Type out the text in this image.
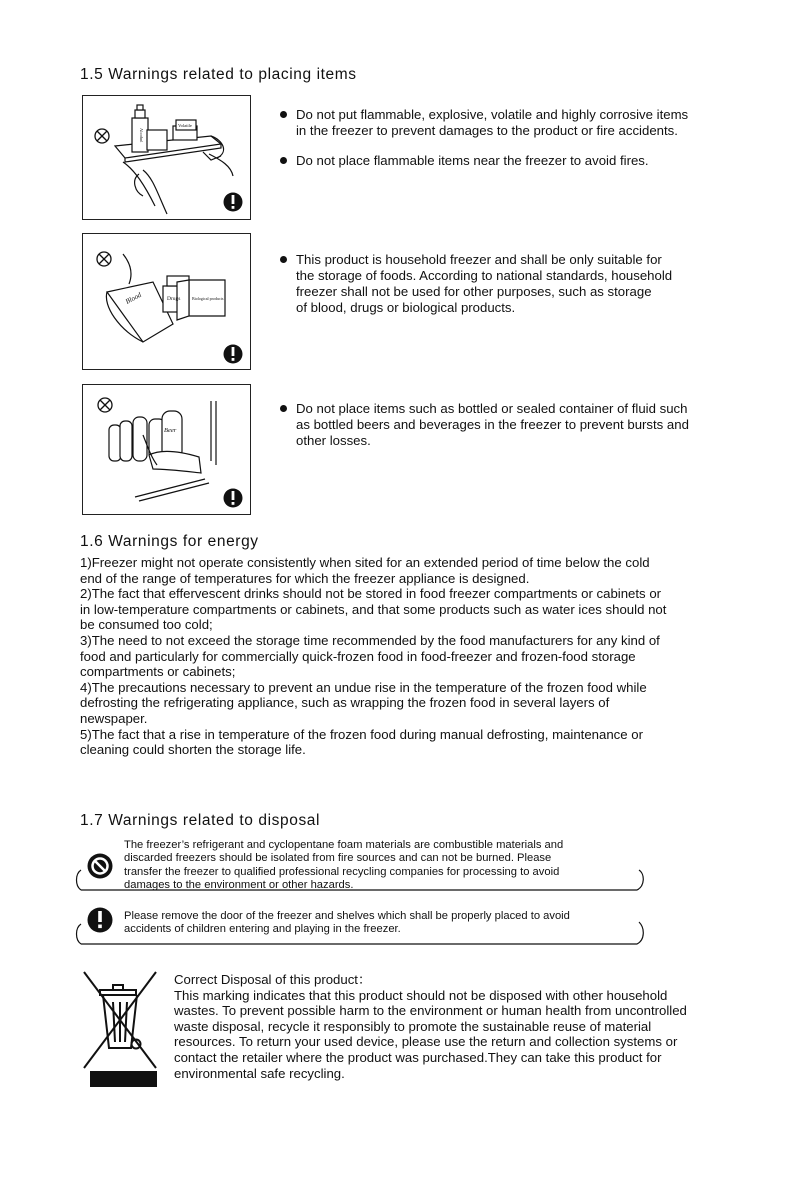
1.5 Warnings related to placing items
Alcohol
Volatile
Do not put flammable, explosive, volatile and highly corrosive items
in the freezer to prevent damages to the product or fire accidents.
Do not place flammable items near the freezer to avoid fires.
Blood	Drugs	Biological products
This product is household freezer and shall be only suitable for
the storage of foods. According to national standards, household
freezer shall not be used for other purposes, such as storage
of blood, drugs or biological products.
Beer
Do not place items such as bottled or sealed container of fluid such
as bottled beers and beverages in the freezer to prevent bursts and
other losses.
1.6 Warnings for energy
1)Freezer might not operate consistently when sited for an extended period of time below the cold
end of the range of temperatures for which the freezer appliance is designed.
2)The fact that effervescent drinks should not be stored in food freezer compartments or cabinets or
in low-temperature compartments or cabinets, and that some products such as water ices should not
be consumed too cold;
3)The need to not exceed the storage time recommended by the food manufacturers for any kind of
food and particularly for commercially quick-frozen food in food-freezer and frozen-food storage
compartments or cabinets;
4)The precautions necessary to prevent an undue rise in the temperature of the frozen food while
defrosting the refrigerating appliance, such as wrapping the frozen food in several layers of
newspaper.
5)The fact that a rise in temperature of the frozen food during manual defrosting, maintenance or
cleaning could shorten the storage life.
1.7 Warnings related to disposal
The freezer’s refrigerant and cyclopentane foam materials are combustible materials and
discarded freezers should be isolated from fire sources and can not be burned. Please
transfer the freezer to qualified professional recycling companies for processing to avoid
damages to the environment or other hazards.
Please remove the door of the freezer and shelves which shall be properly placed to avoid
accidents of children entering and playing in the freezer.
Correct Disposal of this product：
This marking indicates that this product should not be disposed with other household
wastes. To prevent possible harm to the environment or human health from uncontrolled
waste disposal, recycle it responsibly to promote the sustainable reuse of material
resources. To return your used device, please use the return and collection systems or
contact the retailer where the product was purchased.They can take this product for
environmental safe recycling.
